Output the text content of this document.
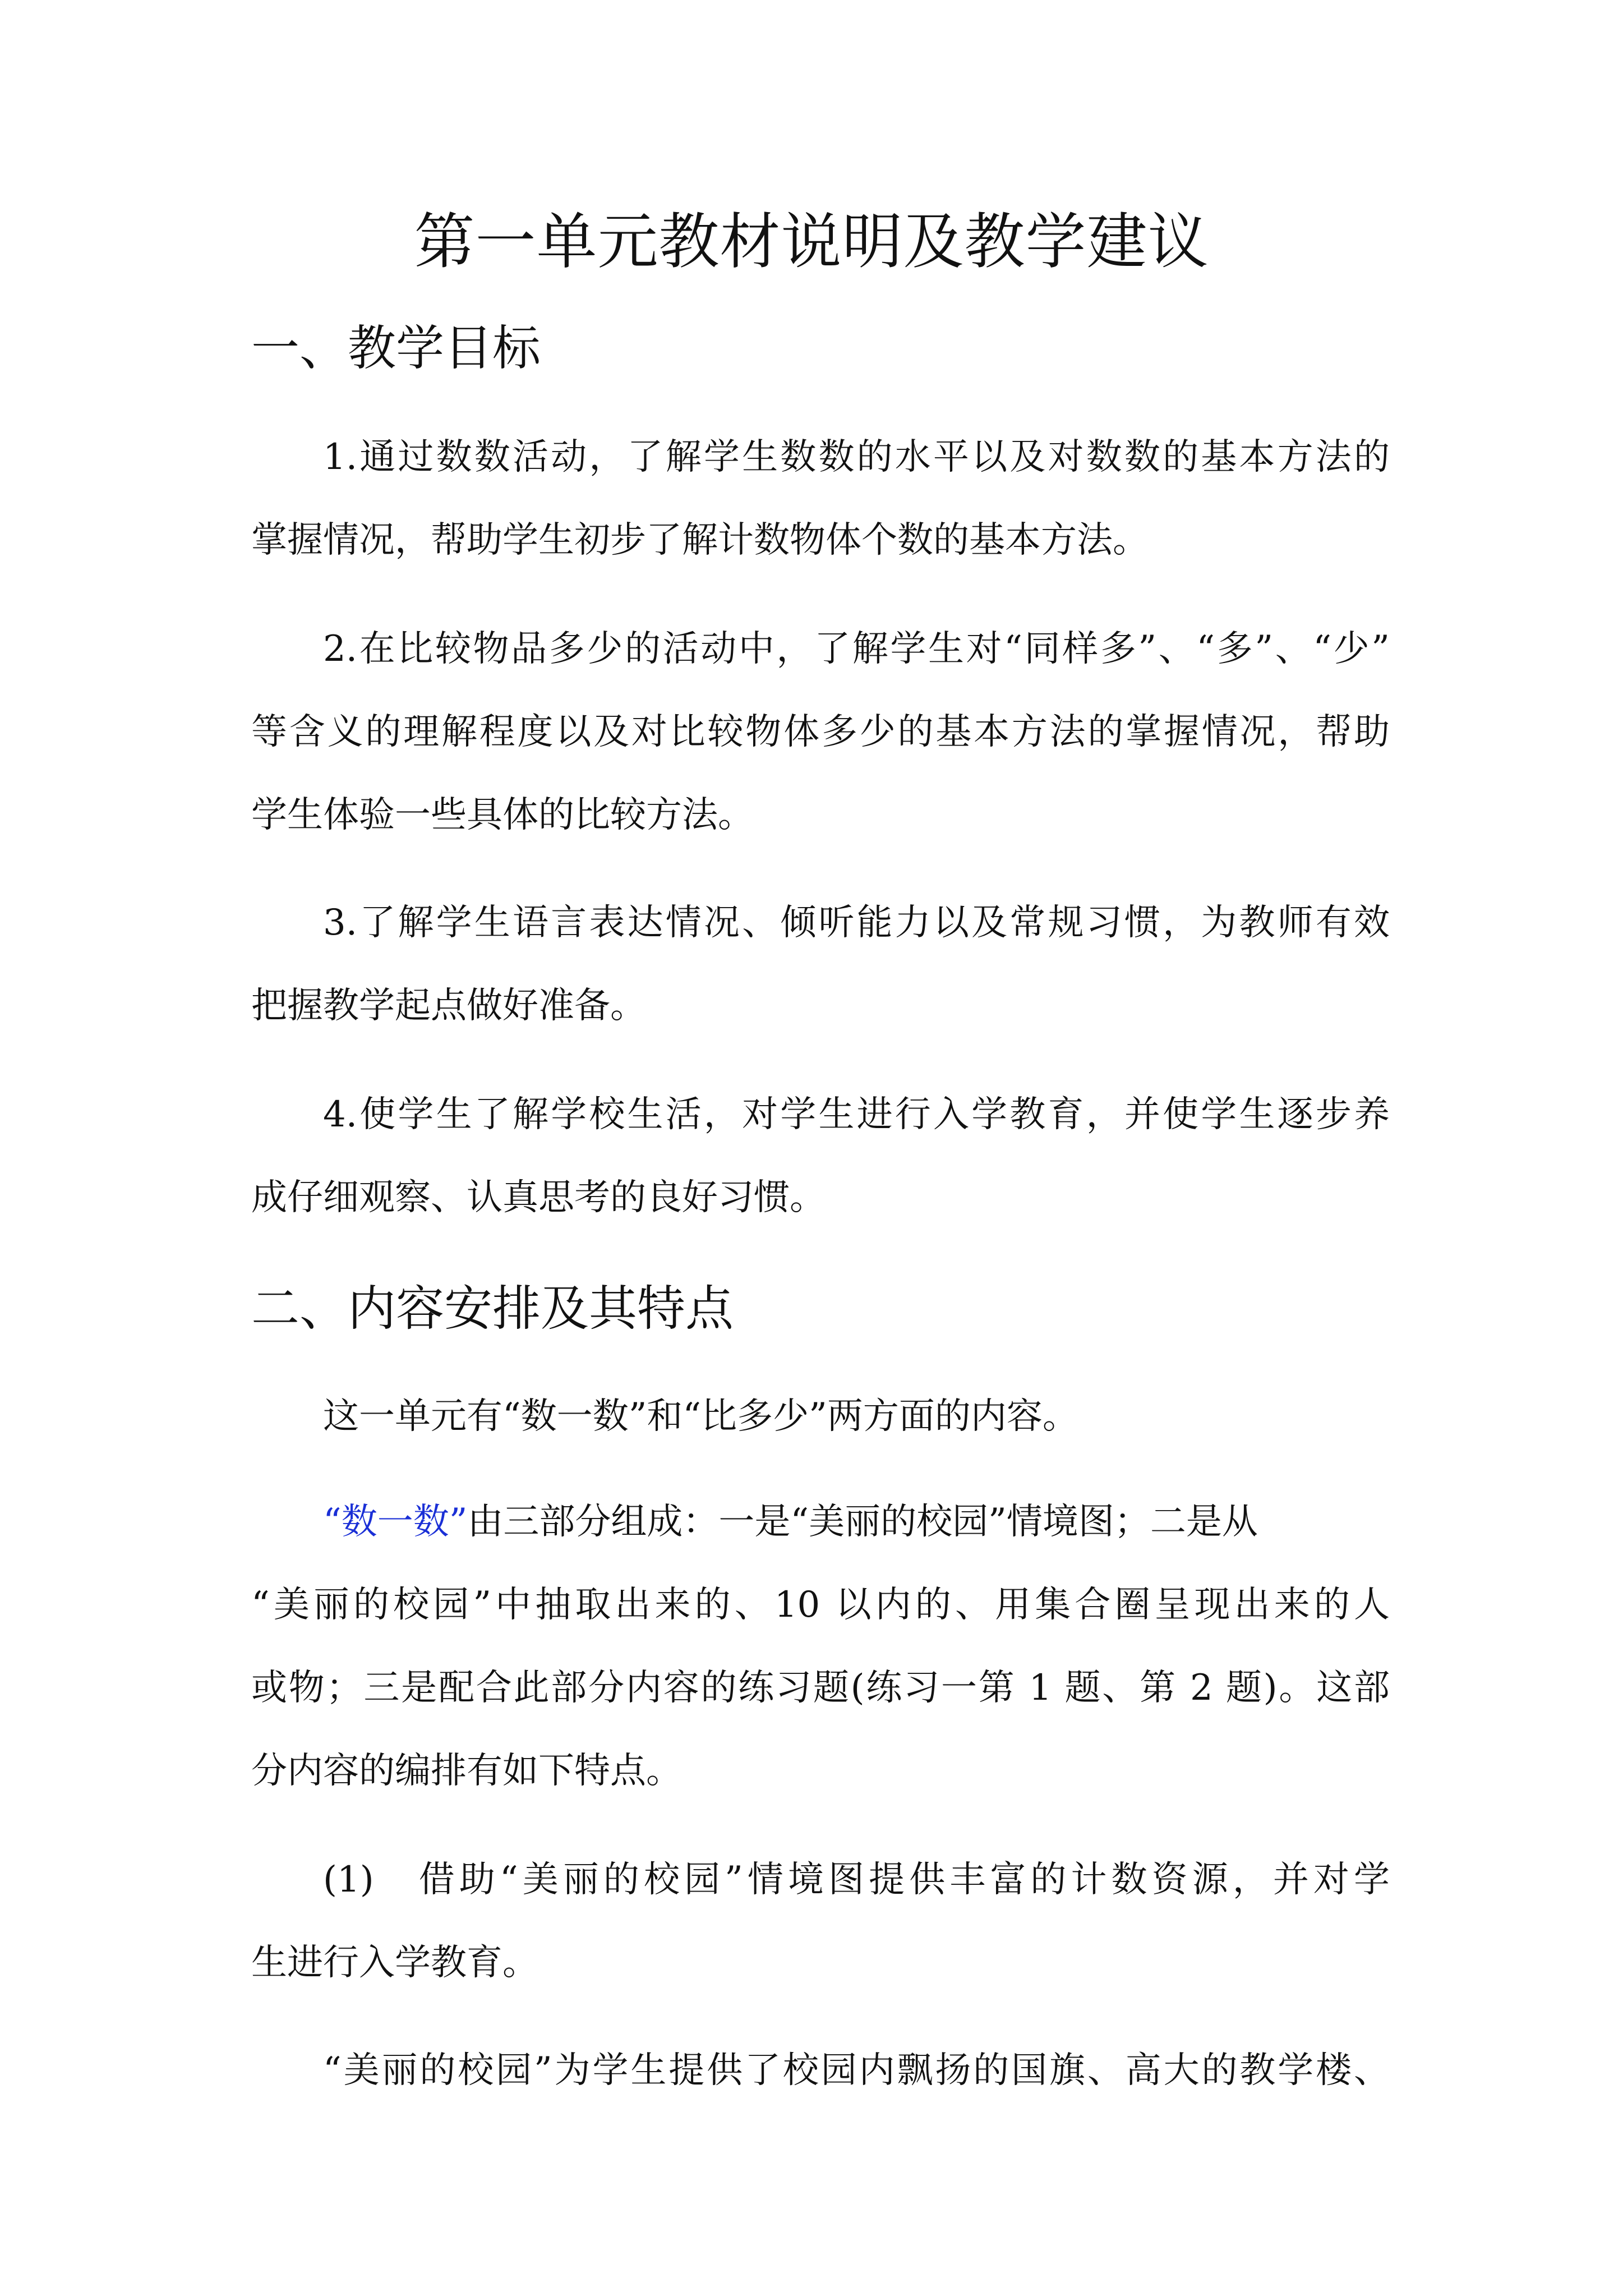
第一单元教材说明及教学建议
一、教学目标
1.通过数数活动，了解学生数数的水平以及对数数的基本方法的
掌握情况，帮助学生初步了解计数物体个数的基本方法。
2.在比较物品多少的活动中，了解学生对“同样多”、“多”、“少”
等含义的理解程度以及对比较物体多少的基本方法的掌握情况，帮助
学生体验一些具体的比较方法。
3.了解学生语言表达情况、倾听能力以及常规习惯，为教师有效
把握教学起点做好准备。
4.使学生了解学校生活，对学生进行入学教育，并使学生逐步养
成仔细观察、认真思考的良好习惯。
二、内容安排及其特点
这一单元有“数一数”和“比多少”两方面的内容。
“数一数”由三部分组成：一是“美丽的校园”情境图；二是从
“美丽的校园”中抽取出来的、10 以内的、用集合圈呈现出来的人
或物；三是配合此部分内容的练习题(练习一第 1 题、第 2 题)。这部
分内容的编排有如下特点。
(1)　借助“美丽的校园”情境图提供丰富的计数资源，并对学
生进行入学教育。
“美丽的校园”为学生提供了校园内飘扬的国旗、高大的教学楼、
